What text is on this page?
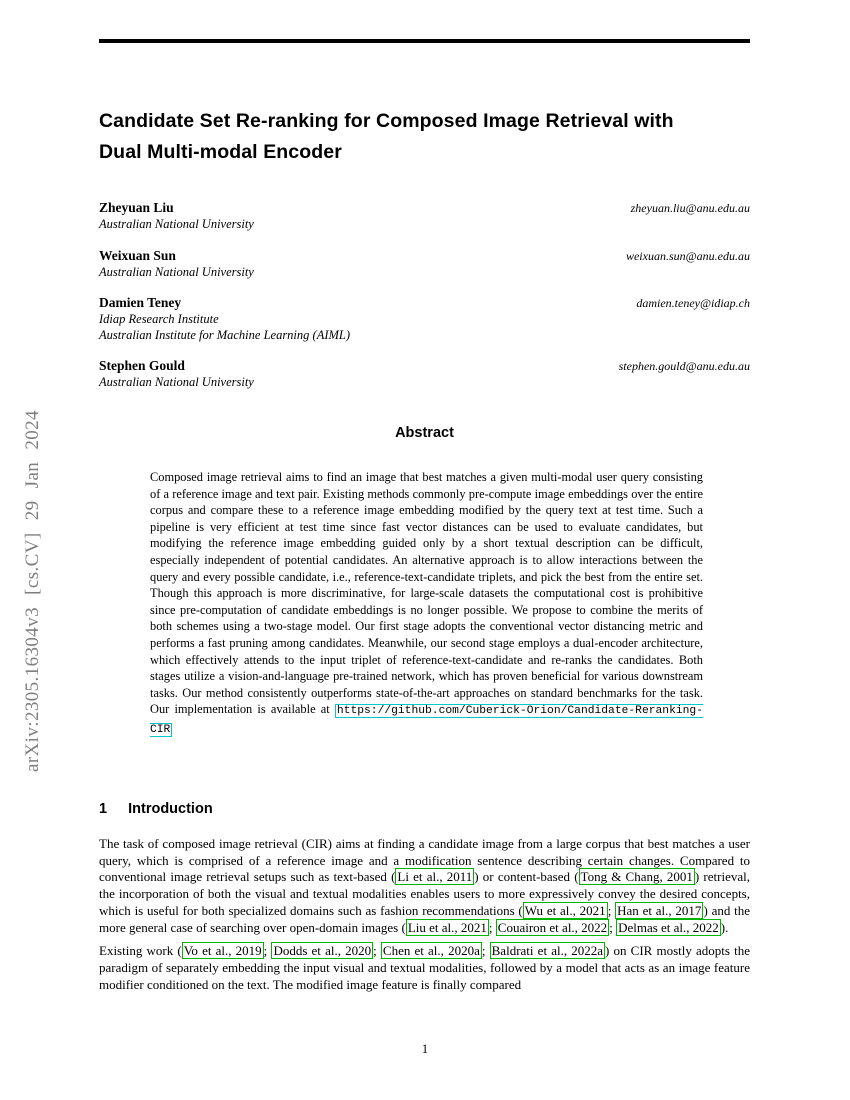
arXiv:2305.16304v3 [cs.CV] 29 Jan 2024
Candidate Set Re-ranking for Composed Image Retrieval with Dual Multi-modal Encoder
Zheyuan Liu	zheyuan.liu@anu.edu.au
Australian National University
Weixuan Sun	weixuan.sun@anu.edu.au
Australian National University
Damien Teney	damien.teney@idiap.ch
Idiap Research Institute
Australian Institute for Machine Learning (AIML)
Stephen Gould	stephen.gould@anu.edu.au
Australian National University
Abstract
Composed image retrieval aims to find an image that best matches a given multi-modal user query consisting of a reference image and text pair. Existing methods commonly pre-compute image embeddings over the entire corpus and compare these to a reference image embedding modified by the query text at test time. Such a pipeline is very efficient at test time since fast vector distances can be used to evaluate candidates, but modifying the reference image embedding guided only by a short textual description can be difficult, especially independent of potential candidates. An alternative approach is to allow interactions between the query and every possible candidate, i.e., reference-text-candidate triplets, and pick the best from the entire set. Though this approach is more discriminative, for large-scale datasets the computational cost is prohibitive since pre-computation of candidate embeddings is no longer possible. We propose to combine the merits of both schemes using a two-stage model. Our first stage adopts the conventional vector distancing metric and performs a fast pruning among candidates. Meanwhile, our second stage employs a dual-encoder architecture, which effectively attends to the input triplet of reference-text-candidate and re-ranks the candidates. Both stages utilize a vision-and-language pre-trained network, which has proven beneficial for various downstream tasks. Our method consistently outperforms state-of-the-art approaches on standard benchmarks for the task. Our implementation is available at https://github.com/Cuberick-Orion/Candidate-Reranking-CIR
1 Introduction

The task of composed image retrieval (CIR) aims at finding a candidate image from a large corpus that best matches a user query, which is comprised of a reference image and a modification sentence describing certain changes. Compared to conventional image retrieval setups such as text-based ( Li et al., 2011 ) or content-based ( Tong & Chang, 2001 ) retrieval, the incorporation of both the visual and textual modalities enables users to more expressively convey the desired concepts, which is useful for both specialized domains such as fashion recommendations ( Wu et al., 2021 ; Han et al., 2017 ) and the more general case of searching over open-domain images ( Liu et al., 2021 ; Couairon et al., 2022 ; Delmas et al., 2022 ).

Existing work ( Vo et al., 2019 ; Dodds et al., 2020 ; Chen et al., 2020a ; Baldrati et al., 2022a ) on CIR mostly adopts the paradigm of separately embedding the input visual and textual modalities, followed by a model that acts as an image feature modifier conditioned on the text. The modified image feature is finally compared

1
